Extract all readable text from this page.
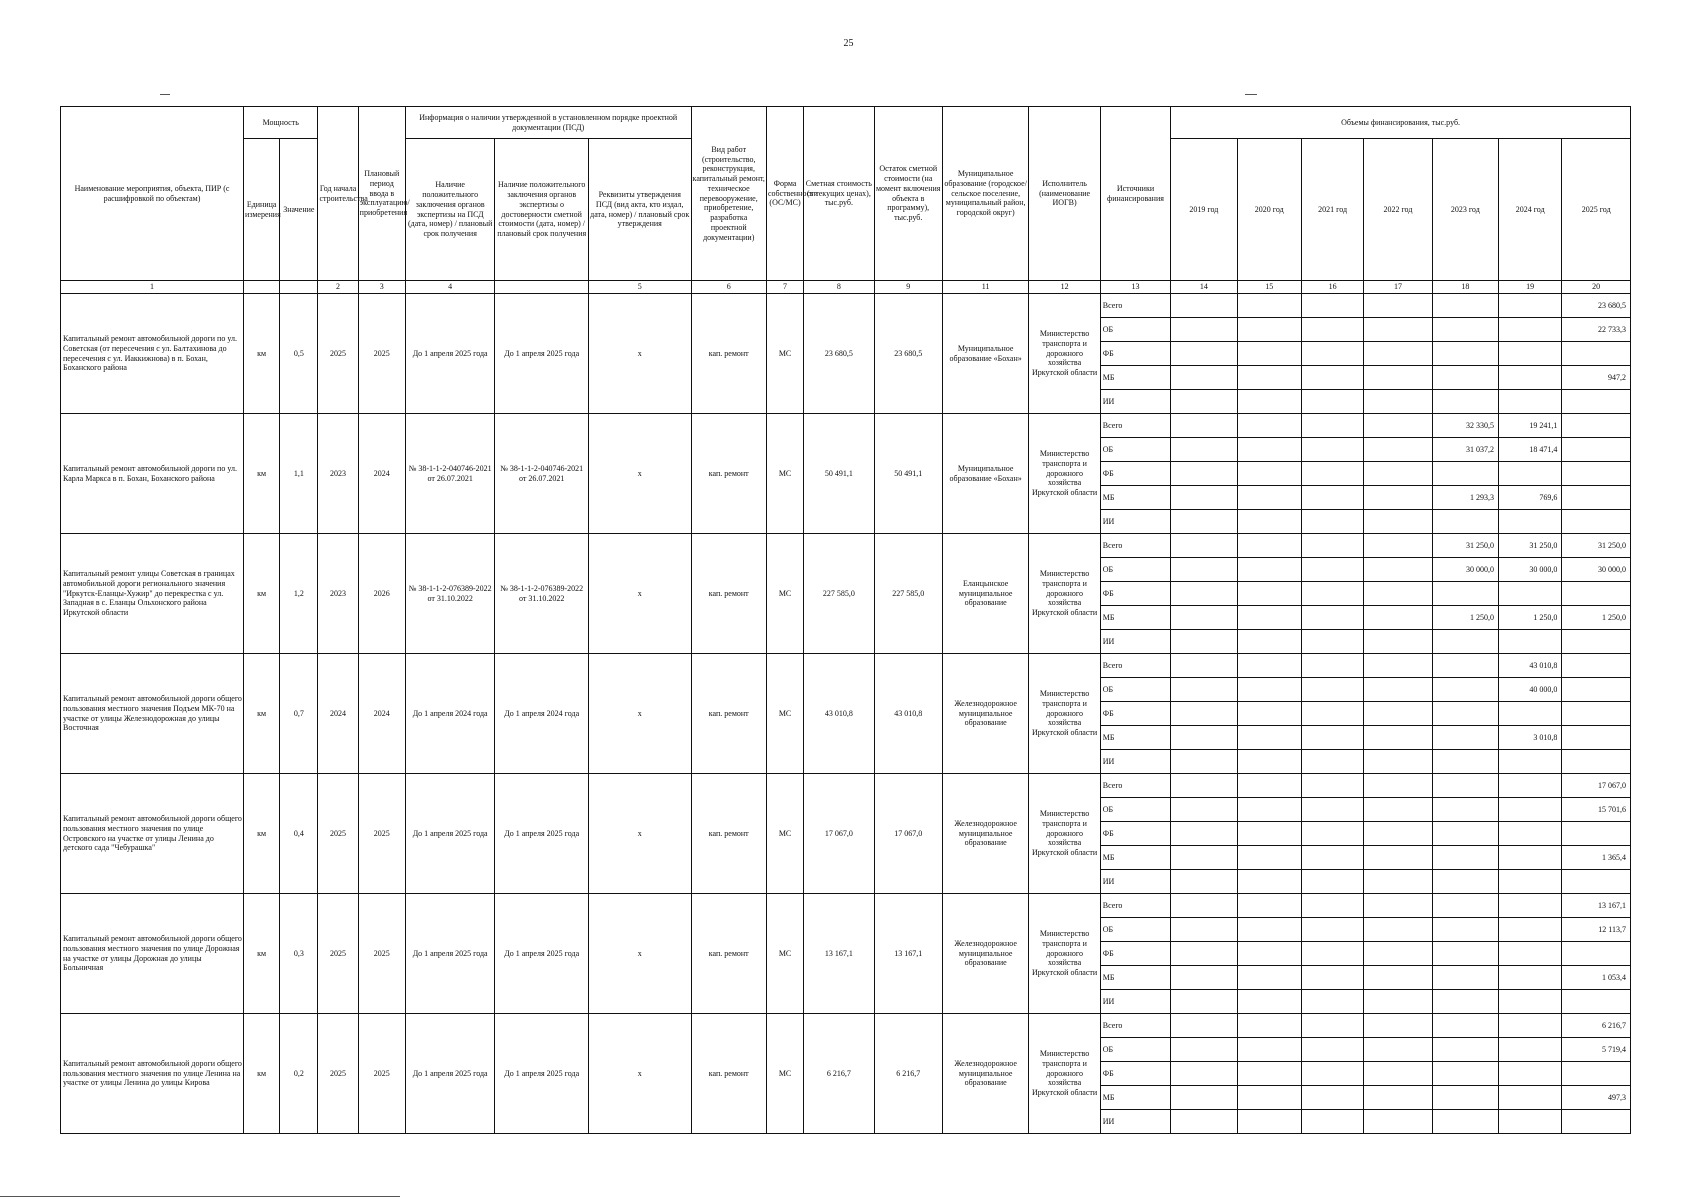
25
Наименование мероприятия, объекта, ПИР (с расшифровкой по объектам)	Мощность		Год начала строительства	Плановый период ввода в эксплуатацию/приобретения	Информация о наличии утвержденной в установленном порядке проектной документации (ПСД)			Вид работ (строительство, реконструкция, капитальный ремонт, техническое перевооружение, приобретение, разработка проектной документации)	Форма собственности (ОС/МС)	Сметная стоимость (в текущих ценах), тыс.руб.	Остаток сметной стоимости (на момент включения объекта в программу), тыс.руб.	Муниципальное образование (городское/сельское поселение, муниципальный район, городской округ)	Исполнитель (наименование ИОГВ)	Источники финансирования	Объемы финансирования, тыс.руб.						
	Единица измерения	Значение			Наличие положительного заключения органов экспертизы на ПСД (дата, номер) / плановый срок получения	Наличие положительного заключения органов экспертизы о достоверности сметной стоимости (дата, номер) / плановый срок получения	Реквизиты утверждения ПСД (вид акта, кто издал, дата, номер) / плановый срок утверждения								2019 год	2020 год	2021 год	2022 год	2023 год	2024 год	2025 год
1			2	3	4		5	6	7	8	9	11	12	13	14	15	16	17	18	19	20
Капитальный ремонт автомобильной дороги по ул. Советская (от пересечения с ул. Балтахинова до пересечения с ул. Иаккижнова) в п. Бохан, Боханского района	км	0,5	2025	2025	До 1 апреля 2025 года	До 1 апреля 2025 года	х	кап. ремонт	МС	23 680,5	23 680,5	Муниципальное образование «Бохан»	Министерство транспорта и дорожного хозяйства Иркутской области	Всего							23 680,5
														ОБ							22 733,3
														ФБ							
														МБ							947,2
														ИИ							
Капитальный ремонт автомобильной дороги по ул. Карла Маркса в п. Бохан, Боханского района	км	1,1	2023	2024	№ 38-1-1-2-040746-2021 от 26.07.2021	№ 38-1-1-2-040746-2021 от 26.07.2021	х	кап. ремонт	МС	50 491,1	50 491,1	Муниципальное образование «Бохан»	Министерство транспорта и дорожного хозяйства Иркутской области	Всего					32 330,5	19 241,1	
														ОБ					31 037,2	18 471,4	
														ФБ							
														МБ					1 293,3	769,6	
														ИИ							
Капитальный ремонт улицы Советская в границах автомобильной дороги регионального значения "Иркутск-Еланцы-Хужир" до перекрестка с ул. Западная в с. Еланцы Ольхонского района Иркутской области	км	1,2	2023	2026	№ 38-1-1-2-076389-2022 от 31.10.2022	№ 38-1-1-2-076389-2022 от 31.10.2022	х	кап. ремонт	МС	227 585,0	227 585,0	Еланцынское муниципальное образование	Министерство транспорта и дорожного хозяйства Иркутской области	Всего					31 250,0	31 250,0	31 250,0
														ОБ					30 000,0	30 000,0	30 000,0
														ФБ							
														МБ					1 250,0	1 250,0	1 250,0
														ИИ							
Капитальный ремонт автомобильной дороги общего пользования местного значения Подъем МК-70 на участке от улицы Железнодорожная до улицы Восточная	км	0,7	2024	2024	До 1 апреля 2024 года	До 1 апреля 2024 года	х	кап. ремонт	МС	43 010,8	43 010,8	Железнодорожное муниципальное образование	Министерство транспорта и дорожного хозяйства Иркутской области	Всего						43 010,8	
														ОБ						40 000,0	
														ФБ							
														МБ						3 010,8	
														ИИ							
Капитальный ремонт автомобильной дороги общего пользования местного значения по улице Островского на участке от улицы Ленина до детского сада "Чебурашка"	км	0,4	2025	2025	До 1 апреля 2025 года	До 1 апреля 2025 года	х	кап. ремонт	МС	17 067,0	17 067,0	Железнодорожное муниципальное образование	Министерство транспорта и дорожного хозяйства Иркутской области	Всего							17 067,0
														ОБ							15 701,6
														ФБ							
														МБ							1 365,4
														ИИ							
Капитальный ремонт автомобильной дороги общего пользования местного значения по улице Дорожная на участке от улицы Дорожная до улицы Больничная	км	0,3	2025	2025	До 1 апреля 2025 года	До 1 апреля 2025 года	х	кап. ремонт	МС	13 167,1	13 167,1	Железнодорожное муниципальное образование	Министерство транспорта и дорожного хозяйства Иркутской области	Всего							13 167,1
														ОБ							12 113,7
														ФБ							
														МБ							1 053,4
														ИИ							
Капитальный ремонт автомобильной дороги общего пользования местного значения по улице Ленина на участке от улицы Ленина до улицы Кирова	км	0,2	2025	2025	До 1 апреля 2025 года	До 1 апреля 2025 года	х	кап. ремонт	МС	6 216,7	6 216,7	Железнодорожное муниципальное образование	Министерство транспорта и дорожного хозяйства Иркутской области	Всего							6 216,7
														ОБ							5 719,4
														ФБ							
														МБ							497,3
														ИИ							
